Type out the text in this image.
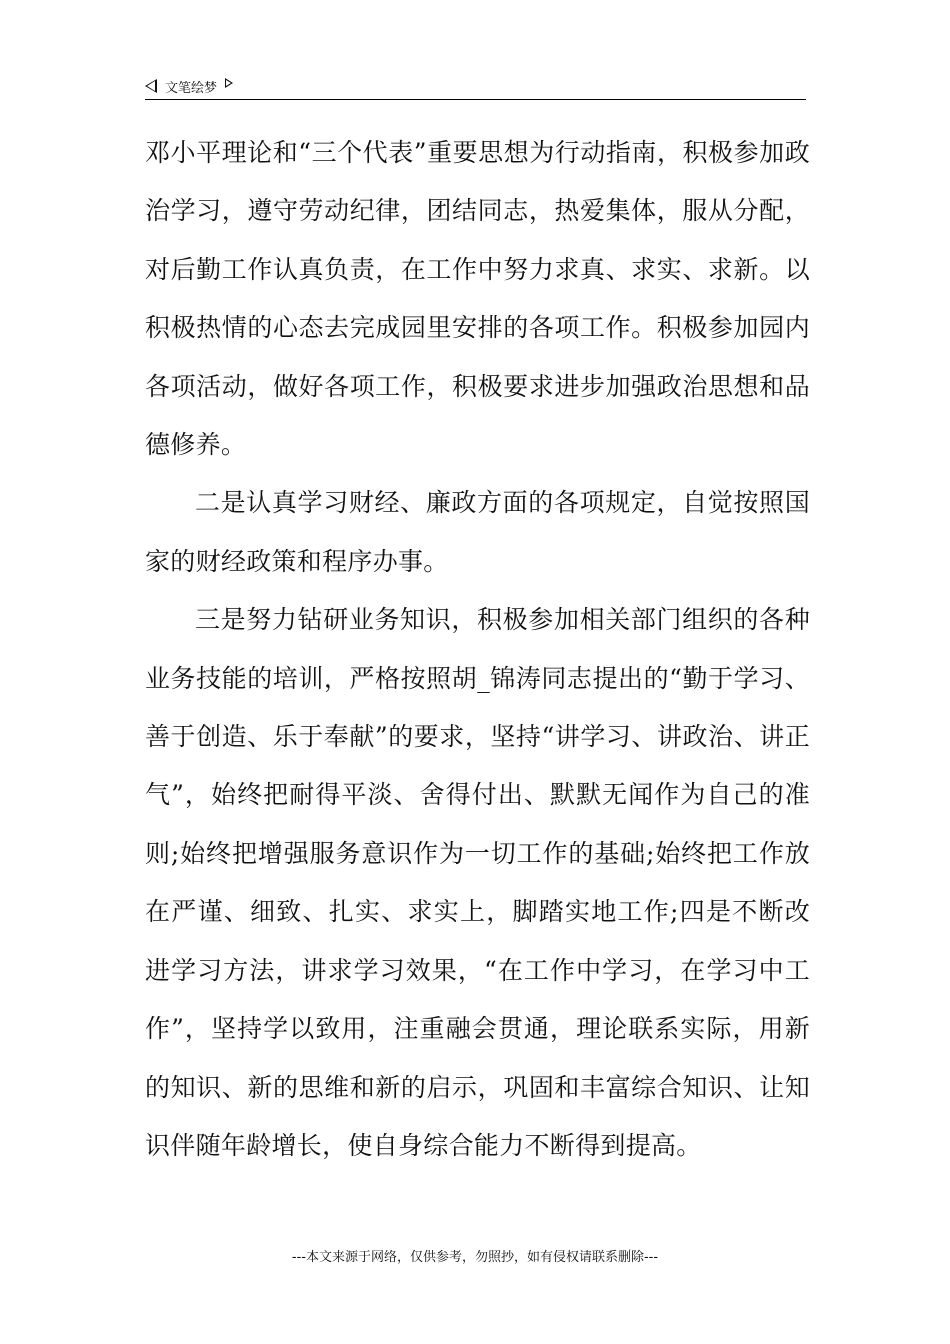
文笔绘梦

邓小平理论和“三个代表”重要思想为行动指南，积极参加政治学习，遵守劳动纪律，团结同志，热爱集体，服从分配，对后勤工作认真负责，在工作中努力求真、求实、求新。以积极热情的心态去完成园里安排的各项工作。积极参加园内各项活动，做好各项工作，积极要求进步加强政治思想和品德修养。

二是认真学习财经、廉政方面的各项规定，自觉按照国家的财经政策和程序办事。

三是努力钻研业务知识，积极参加相关部门组织的各种业务技能的培训，严格按照胡_锦涛同志提出的“勤于学习、善于创造、乐于奉献”的要求，坚持“讲学习、讲政治、讲正气”，始终把耐得平淡、舍得付出、默默无闻作为自己的准则;始终把增强服务意识作为一切工作的基础;始终把工作放在严谨、细致、扎实、求实上，脚踏实地工作;四是不断改进学习方法，讲求学习效果，“在工作中学习，在学习中工作”，坚持学以致用，注重融会贯通，理论联系实际，用新的知识、新的思维和新的启示，巩固和丰富综合知识、让知识伴随年龄增长，使自身综合能力不断得到提高。

---本文来源于网络，仅供参考，勿照抄，如有侵权请联系删除---
